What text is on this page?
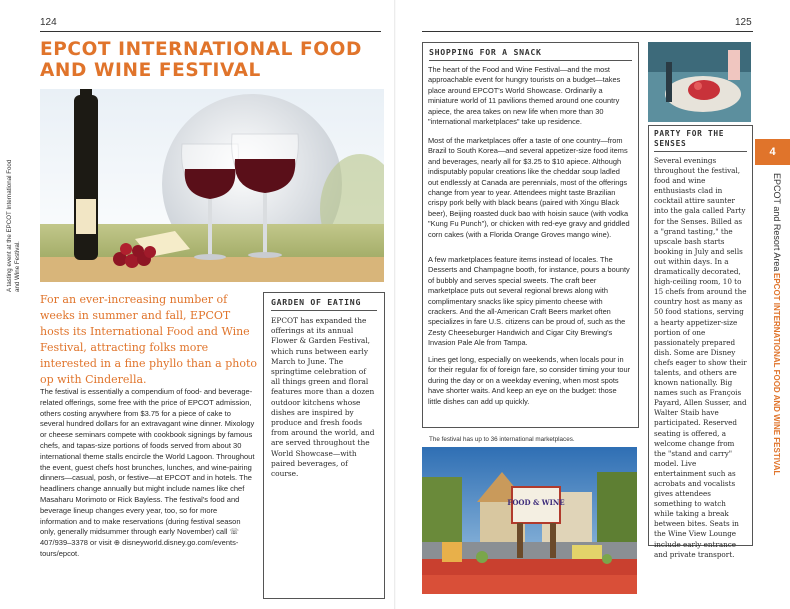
124
EPCOT INTERNATIONAL FOOD AND WINE FESTIVAL
A tasting event at the EPCOT International Food and Wine Festival.

For an ever-increasing number of weeks in summer and fall, EPCOT hosts its International Food and Wine Festival, attracting folks more interested in a fine phyllo than a photo op with Cinderella.

The festival is essentially a compendium of food- and beverage-related offerings, some free with the price of EPCOT admission, others costing anywhere from $3.75 for a piece of cake to several hundred dollars for an extravagant wine dinner. Mixology or cheese seminars compete with cookbook signings by famous chefs, and tapas-size portions of foods served from about 30 international theme stalls encircle the World Lagoon. Throughout the event, guest chefs host brunches, lunches, and wine-pairing dinners—casual, posh, or festive—at EPCOT and in hotels. The headliners change annually but might include names like chef Masaharu Morimoto or Rick Bayless. The festival's food and beverage lineup changes every year, too, so for more information and to make reservations (during festival season only, generally midsummer through early November) call ☏ 407/939–3378 or visit ⊕ disneyworld.disney.go.com/events-tours/epcot.

GARDEN OF EATING

EPCOT has expanded the offerings at its annual Flower & Garden Festival, which runs between early March to June. The springtime celebration of all things green and floral features more than a dozen outdoor kitchens whose dishes are inspired by produce and fresh foods from around the world, and are served throughout the World Showcase—with paired beverages, of course.

125

SHOPPING FOR A SNACK

The heart of the Food and Wine Festival—and the most approachable event for hungry tourists on a budget—takes place around EPCOT's World Showcase. Ordinarily a miniature world of 11 pavilions themed around one country apiece, the area takes on new life when more than 30 "international marketplaces" take up residence.

Most of the marketplaces offer a taste of one country—from Brazil to South Korea—and several appetizer-size food items and beverages, nearly all for $3.25 to $10 apiece. Although indisputably popular creations like the cheddar soup ladled out endlessly at Canada are perennials, most of the offerings change from year to year. Attendees might taste Brazilian crispy pork belly with black beans (paired with Xingu Black beer), Beijing roasted duck bao with hoisin sauce (with vodka "Kung Fu Punch"), or chicken with red-eye gravy and griddled corn cakes (with a Florida Orange Groves mango wine).

A few marketplaces feature items instead of locales. The Desserts and Champagne booth, for instance, pours a bounty of bubbly and serves special sweets. The craft beer marketplace puts out several regional brews along with complimentary snacks like spicy pimento cheese with crackers. And the all-American Craft Beers market often specializes in fare U.S. citizens can be proud of, such as the Zesty Cheeseburger Handwich and Cigar City Brewing's Invasion Pale Ale from Tampa.

Lines get long, especially on weekends, when locals pour in for their regular fix of foreign fare, so consider timing your tour during the day or on a weekday evening, when most spots have shorter waits. And keep an eye on the budget: those little dishes can add up quickly.

The festival has up to 36 international marketplaces.
FOOD & WINE

PARTY FOR THE SENSES

Several evenings throughout the festival, food and wine enthusiasts clad in cocktail attire saunter into the gala called Party for the Senses. Billed as a "grand tasting," the upscale bash starts booking in July and sells out within days. In a dramatically decorated, high-ceiling room, 10 to 15 chefs from around the country host as many as 50 food stations, serving a hearty appetizer-size portion of one passionately prepared dish. Some are Disney chefs eager to show their talents, and others are known nationally. Big names such as François Payard, Allen Susser, and Walter Staib have participated. Reserved seating is offered, a welcome change from the "stand and carry" model. Live entertainment such as acrobats and vocalists gives attendees something to watch while taking a break between bites. Seats in the Wine View Lounge include early entrance and private transport.

4
EPCOT and Resort Area
EPCOT INTERNATIONAL FOOD AND WINE FESTIVAL
